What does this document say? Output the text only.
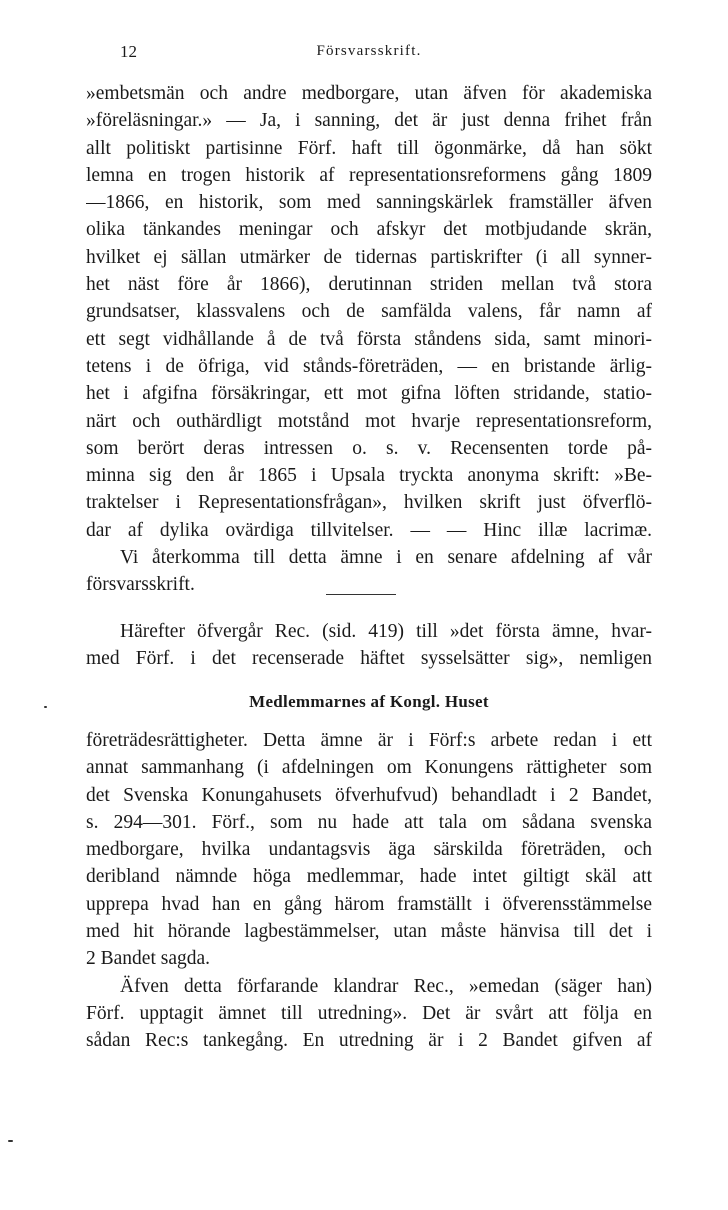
12	Försvarsskrift.
»embetsmän och andre medborgare, utan äfven för akademiska
»föreläsningar.» — Ja, i sanning, det är just denna frihet från
allt politiskt partisinne Förf. haft till ögonmärke, då han sökt
lemna en trogen historik af representationsreformens gång 1809
—1866, en historik, som med sanningskärlek framställer äfven
olika tänkandes meningar och afskyr det motbjudande skrän,
hvilket ej sällan utmärker de tidernas partiskrifter (i all synner-
het näst före år 1866), derutinnan striden mellan två stora
grundsatser, klassvalens och de samfälda valens, får namn af
ett segt vidhållande å de två första ståndens sida, samt minori-
tetens i de öfriga, vid stånds-företräden, — en bristande ärlig-
het i afgifna försäkringar, ett mot gifna löften stridande, statio-
närt och outhärdligt motstånd mot hvarje representationsreform,
som berört deras intressen o. s. v. Recensenten torde på-
minna sig den år 1865 i Upsala tryckta anonyma skrift: »Be-
traktelser i Representationsfrågan», hvilken skrift just öfverflö-
dar af dylika ovärdiga tillvitelser. — — Hinc illæ lacrimæ.
Vi återkomma till detta ämne i en senare afdelning af vår
försvarsskrift.
Härefter öfvergår Rec. (sid. 419) till »det första ämne, hvar-
med Förf. i det recenserade häftet sysselsätter sig», nemligen
Medlemmarnes af Kongl. Huset
företrädesrättigheter. Detta ämne är i Förf:s arbete redan i ett
annat sammanhang (i afdelningen om Konungens rättigheter som
det Svenska Konungahusets öfverhufvud) behandladt i 2 Bandet,
s. 294—301. Förf., som nu hade att tala om sådana svenska
medborgare, hvilka undantagsvis äga särskilda företräden, och
deribland nämnde höga medlemmar, hade intet giltigt skäl att
upprepa hvad han en gång härom framställt i öfverensstämmelse
med hit hörande lagbestämmelser, utan måste hänvisa till det i
2 Bandet sagda.
Äfven detta förfarande klandrar Rec., »emedan (säger han)
Förf. upptagit ämnet till utredning». Det är svårt att följa en
sådan Rec:s tankegång. En utredning är i 2 Bandet gifven af
